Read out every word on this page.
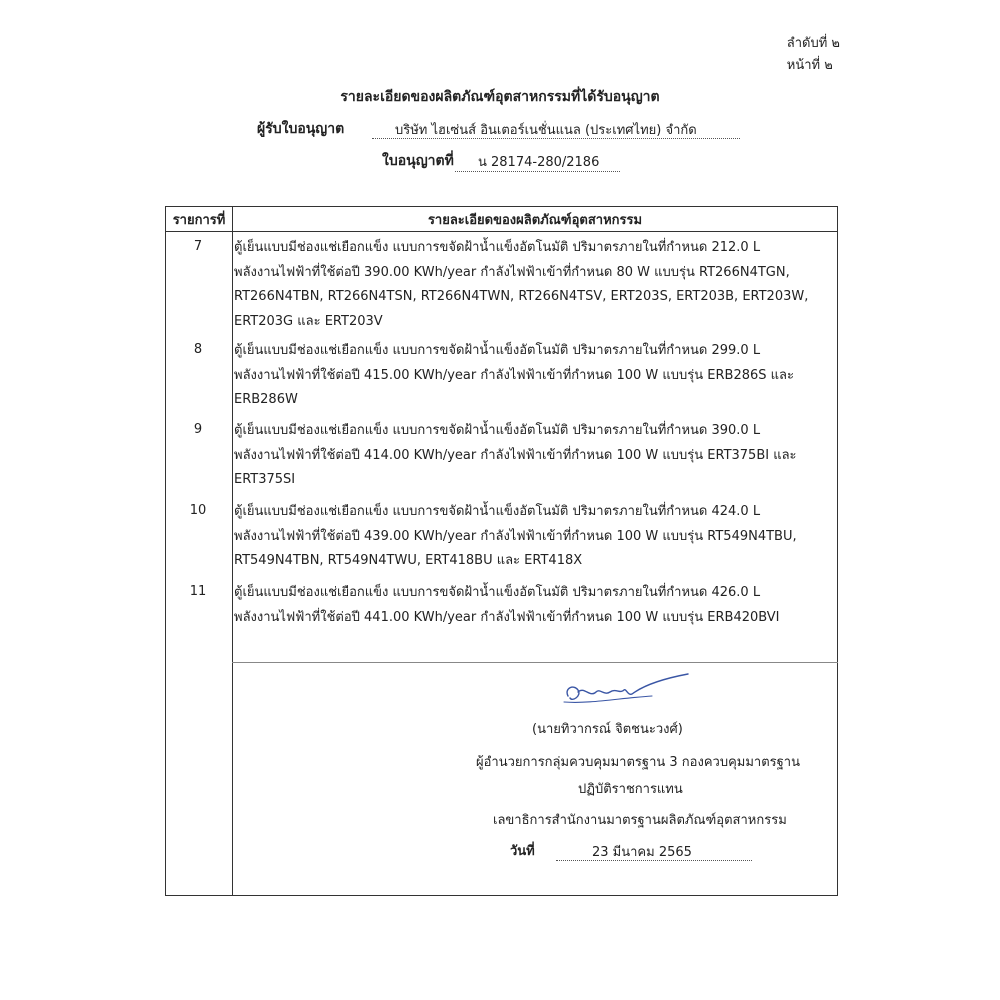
ลำดับที่ ๒
หน้าที่ ๒
รายละเอียดของผลิตภัณฑ์อุตสาหกรรมที่ได้รับอนุญาต
ผู้รับใบอนุญาต	บริษัท ไฮเซ่นส์ อินเตอร์เนชั่นแนล (ประเทศไทย) จำกัด
ใบอนุญาตที่ น 28174-280/2186
รายการที่	รายละเอียดของผลิตภัณฑ์อุตสาหกรรม

7	ตู้เย็นแบบมีช่องแช่เยือกแข็ง แบบการขจัดฝ้าน้ำแข็งอัตโนมัติ ปริมาตรภายในที่กำหนด 212.0 L
พลังงานไฟฟ้าที่ใช้ต่อปี 390.00 KWh/year กำลังไฟฟ้าเข้าที่กำหนด 80 W แบบรุ่น RT266N4TGN,
RT266N4TBN, RT266N4TSN, RT266N4TWN, RT266N4TSV, ERT203S, ERT203B, ERT203W,
ERT203G และ ERT203V
8	ตู้เย็นแบบมีช่องแช่เยือกแข็ง แบบการขจัดฝ้าน้ำแข็งอัตโนมัติ ปริมาตรภายในที่กำหนด 299.0 L
พลังงานไฟฟ้าที่ใช้ต่อปี 415.00 KWh/year กำลังไฟฟ้าเข้าที่กำหนด 100 W แบบรุ่น ERB286S และ
ERB286W
9	ตู้เย็นแบบมีช่องแช่เยือกแข็ง แบบการขจัดฝ้าน้ำแข็งอัตโนมัติ ปริมาตรภายในที่กำหนด 390.0 L
พลังงานไฟฟ้าที่ใช้ต่อปี 414.00 KWh/year กำลังไฟฟ้าเข้าที่กำหนด 100 W แบบรุ่น ERT375BI และ
ERT375SI
10	ตู้เย็นแบบมีช่องแช่เยือกแข็ง แบบการขจัดฝ้าน้ำแข็งอัตโนมัติ ปริมาตรภายในที่กำหนด 424.0 L
พลังงานไฟฟ้าที่ใช้ต่อปี 439.00 KWh/year กำลังไฟฟ้าเข้าที่กำหนด 100 W แบบรุ่น RT549N4TBU,
RT549N4TBN, RT549N4TWU, ERT418BU และ ERT418X
11	ตู้เย็นแบบมีช่องแช่เยือกแข็ง แบบการขจัดฝ้าน้ำแข็งอัตโนมัติ ปริมาตรภายในที่กำหนด 426.0 L
พลังงานไฟฟ้าที่ใช้ต่อปี 441.00 KWh/year กำลังไฟฟ้าเข้าที่กำหนด 100 W แบบรุ่น ERB420BVI
(นายทิวากรณ์ จิตชนะวงศ์)
ผู้อำนวยการกลุ่มควบคุมมาตรฐาน 3 กองควบคุมมาตรฐาน
ปฏิบัติราชการแทน
เลขาธิการสำนักงานมาตรฐานผลิตภัณฑ์อุตสาหกรรม
วันที่	23 มีนาคม 2565
